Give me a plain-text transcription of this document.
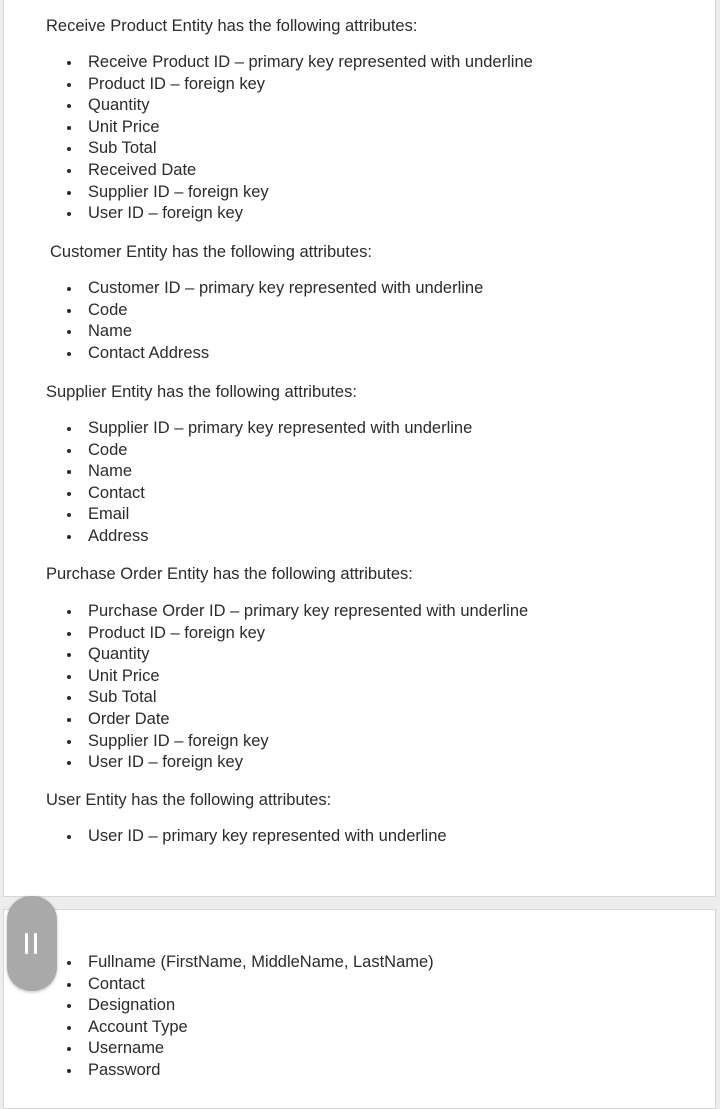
Receive Product Entity has the following attributes:

Receive Product ID – primary key represented with underline
Product ID – foreign key
Quantity
Unit Price
Sub Total
Received Date
Supplier ID – foreign key
User ID – foreign key

Customer Entity has the following attributes:

Customer ID – primary key represented with underline
Code
Name
Contact Address

Supplier Entity has the following attributes:

Supplier ID – primary key represented with underline
Code
Name
Contact
Email
Address

Purchase Order Entity has the following attributes:

Purchase Order ID – primary key represented with underline
Product ID – foreign key
Quantity
Unit Price
Sub Total
Order Date
Supplier ID – foreign key
User ID – foreign key

User Entity has the following attributes:

User ID – primary key represented with underline
Fullname (FirstName, MiddleName, LastName)
Contact
Designation
Account Type
Username
Password
